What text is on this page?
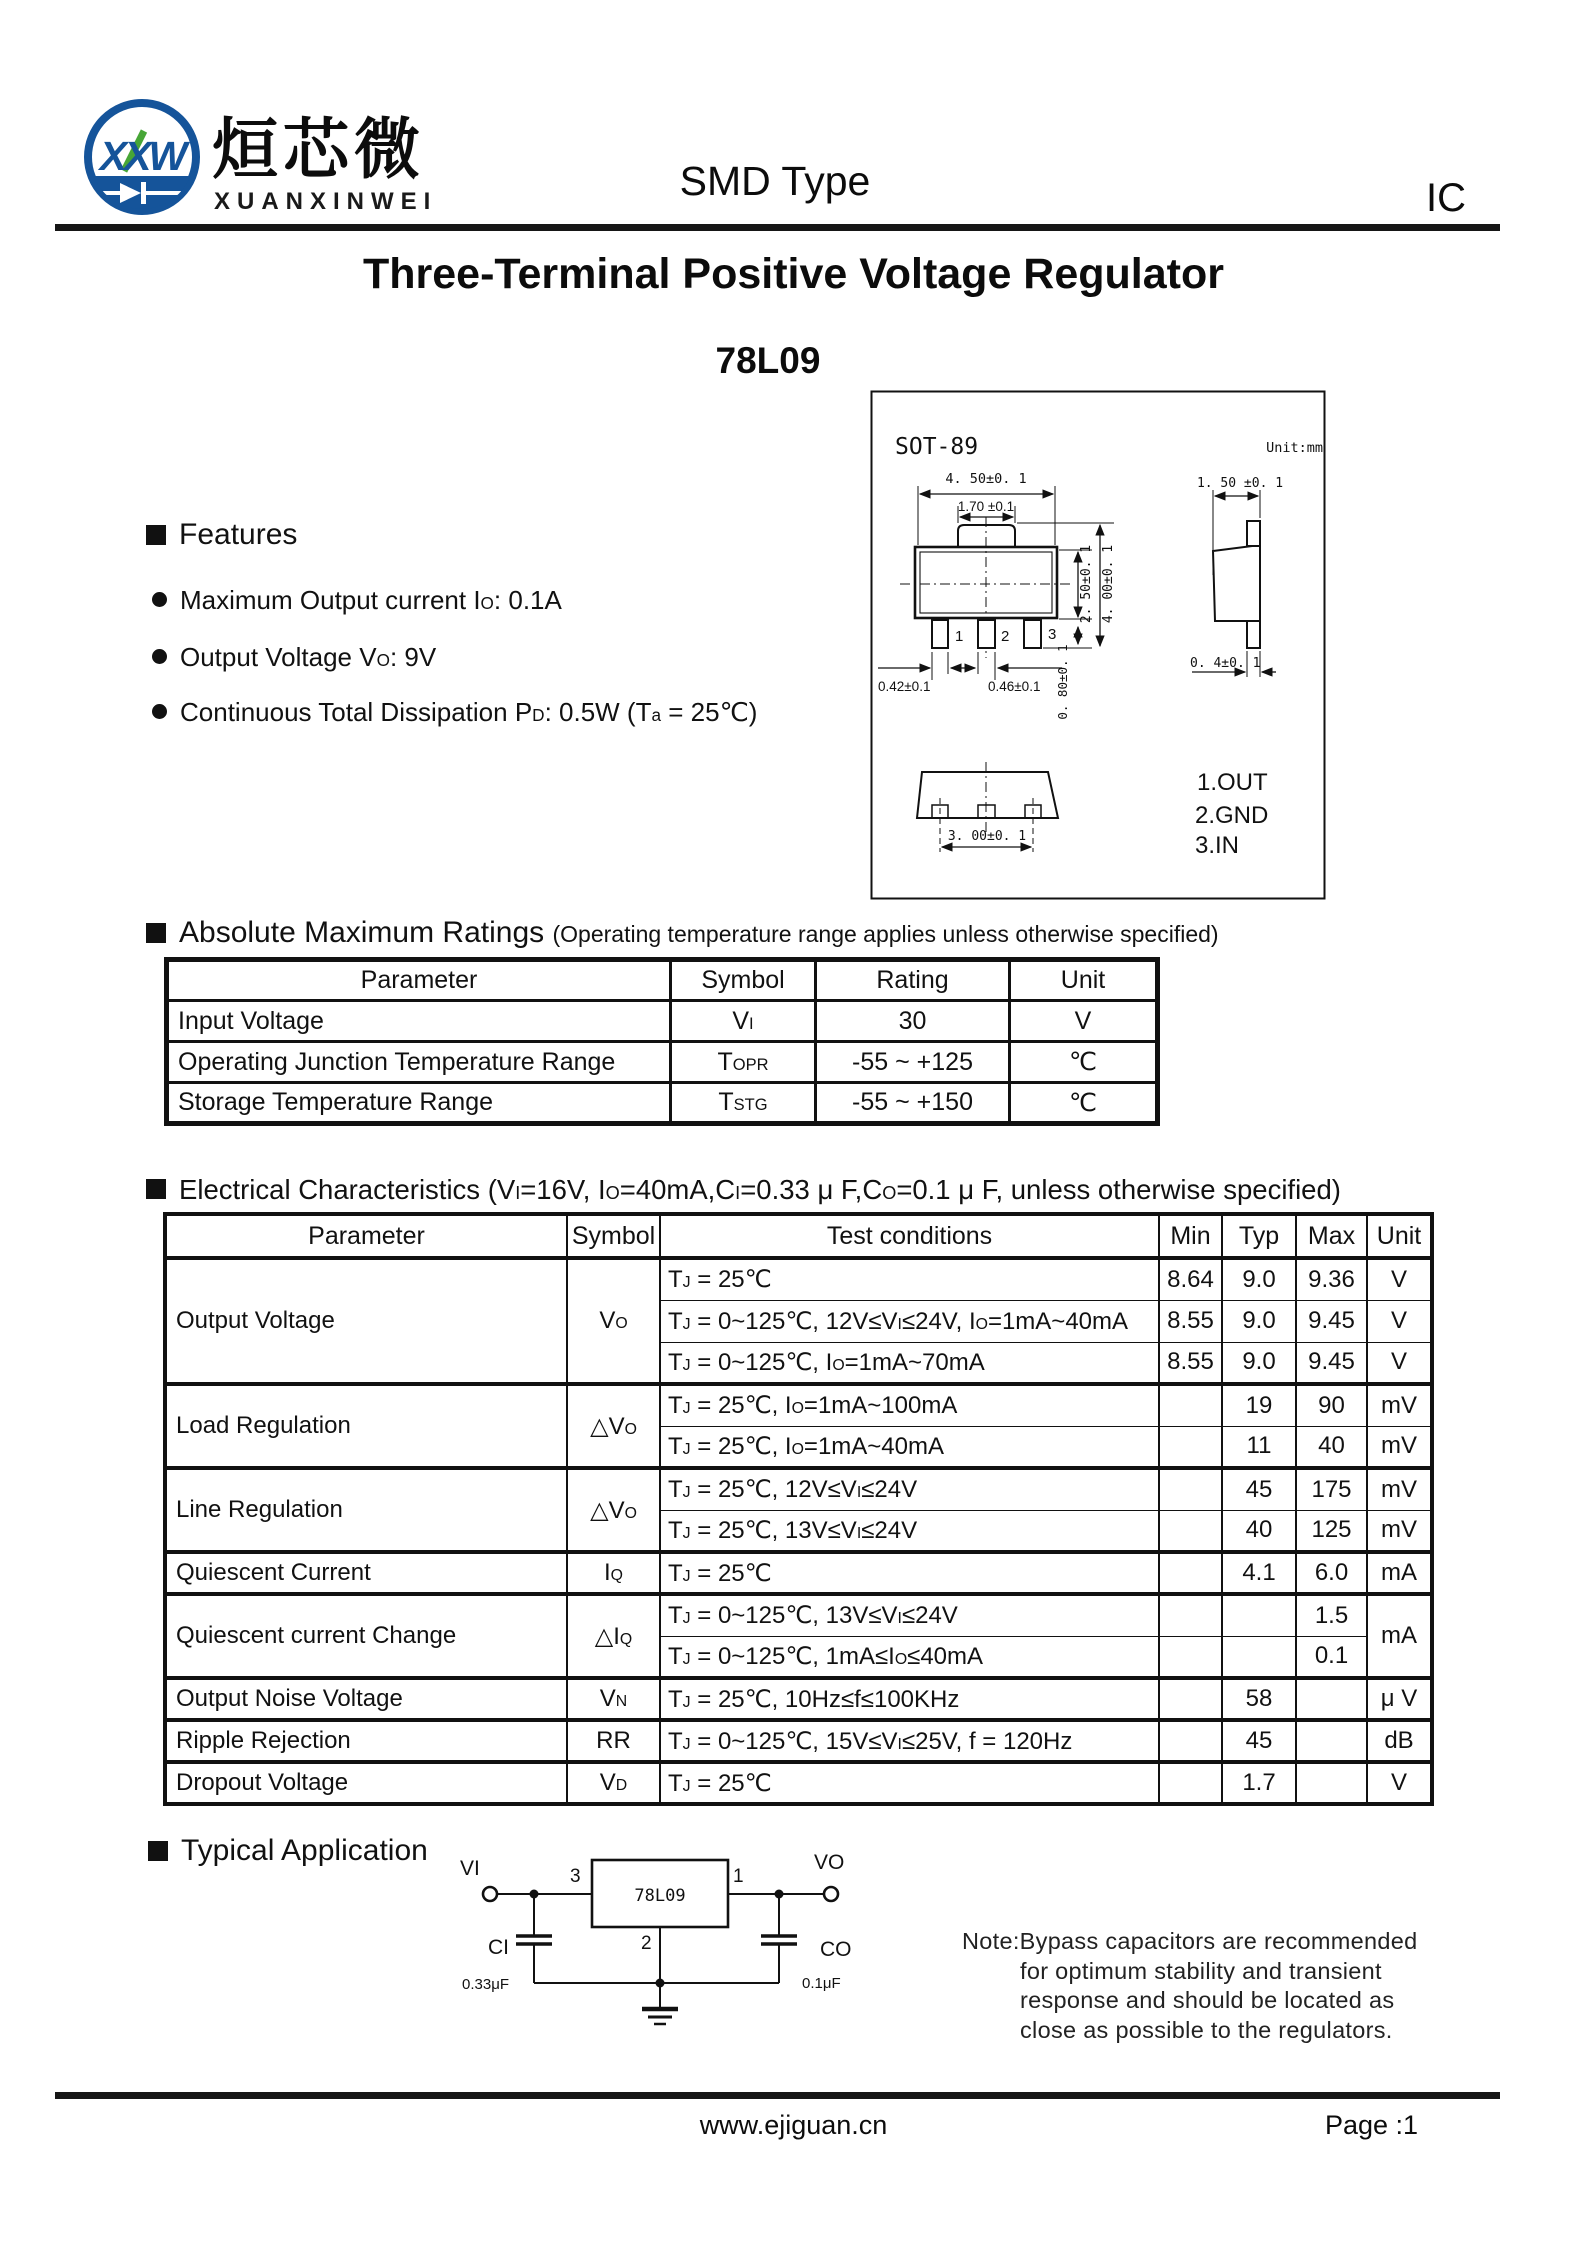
XXW 烜芯微
XUANXINWEI	SMD Type	IC
Three-Terminal Positive Voltage Regulator
78L09
SOT-89	Unit:mm
1	2	3
4. 50±0. 1
1.70 ±0.1
2. 50±0. 1 4. 00±0. 1
0. 80±0. 1
0.42±0.1	0.46±0.1
1. 50 ±0. 1
0. 4±0. 1
3. 00±0. 1
1.OUT
2.GND
3.IN
Features
Maximum Output current IO: 0.1A
Output Voltage VO: 9V
Continuous Total Dissipation PD: 0.5W (Ta = 25℃)
Absolute Maximum Ratings (Operating temperature range applies unless otherwise specified)
Parameter	Symbol	Rating	Unit
Input Voltage	VI	30	V
Operating Junction Temperature Range	TOPR	-55 ~ +125	℃
Storage Temperature Range	TSTG	-55 ~ +150	℃
Electrical Characteristics (VI=16V, IO=40mA,CI=0.33 μ F,CO=0.1 μ F, unless otherwise specified)
Parameter	Symbol	Test conditions	Min	Typ	Max	Unit
Output Voltage	VO	TJ = 25℃	8.64	9.0	9.36	V
		TJ = 0~125℃, 12V≤VI≤24V, IO=1mA~40mA	8.55	9.0	9.45	V
		TJ = 0~125℃, IO=1mA~70mA	8.55	9.0	9.45	V
Load Regulation	△VO	TJ = 25℃, IO=1mA~100mA		19	90	mV
		TJ = 25℃, IO=1mA~40mA		11	40	mV
Line Regulation	△VO	TJ = 25℃, 12V≤VI≤24V		45	175	mV
		TJ = 25℃, 13V≤VI≤24V		40	125	mV
Quiescent Current	IQ	TJ = 25℃		4.1	6.0	mA
Quiescent current Change	△IQ	TJ = 0~125℃, 13V≤VI≤24V			1.5	mA
		TJ = 0~125℃, 1mA≤IO≤40mA			0.1	
Output Noise Voltage	VN	TJ = 25℃, 10Hz≤f≤100KHz		58		μ V
Ripple Rejection	RR	TJ = 0~125℃, 15V≤VI≤25V, f = 120Hz		45		dB
Dropout Voltage	VD	TJ = 25℃		1.7		V
Typical Application
78L09
VI	VO
3	1
2
CI
0.33μF
CO
0.1μF
Note:Bypass capacitors are recommended
for optimum stability and transient
response and should be located as
close as possible to the regulators.
www.ejiguan.cn	Page :1
